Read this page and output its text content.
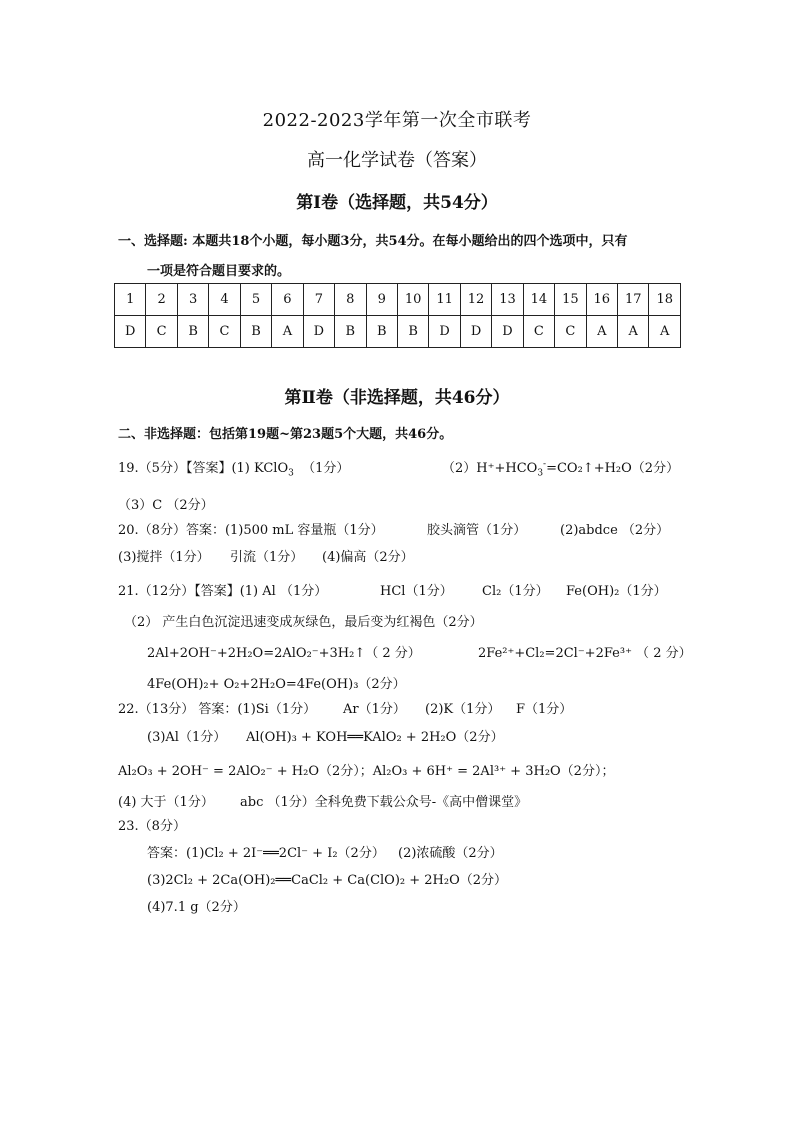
2022-2023学年第一次全市联考
高一化学试卷（答案）
第Ⅰ卷（选择题，共54分）
一、选择题: 本题共18个小题，每小题3分，共54分。在每小题给出的四个选项中，只有
一项是符合题目要求的。
1	2	3	4	5	6	7	8	9	10	11	12	13	14	15	16	17	18
D	C	B	C	B	A	D	B	B	B	D	D	D	C	C	A	A	A
第Ⅱ卷（非选择题，共46分）
二、非选择题：包括第19题~第23题5个大题，共46分。
19.（5分）【答案】(1) KClO$_3$ （1分）	$(2)H^++HCO_3^-=CO_2↑+H_2O(2$分）
（3）C （2分）
20.（8分）答案：(1)500 mL 容量瓶（1分）	胶头滴管（1分）	(2)abdce （2分）
(3)搅拌（1分） 引流（1分） (4)偏高（2分）
21.（12分）【答案】(1) Al （1分）	HCl（1分） Cl₂（1分） Fe(OH)₂（1分）
（2） 产生白色沉淀迅速变成灰绿色，最后变为红褐色（2分）
2Al+2OH⁻+2H₂O=2AlO₂⁻+3H₂↑（ 2 分）	2Fe²⁺+Cl₂=2Cl⁻+2Fe³⁺ （ 2 分）
4Fe(OH)₂+ O₂+2H₂O=4Fe(OH)₃（2分）
22.（13分） 答案：(1)Si（1分） Ar（1分） (2)K（1分） F（1分）
(3)Al（1分） Al(OH)₃ + KOH══KAlO₂ + 2H₂O（2分）
Al₂O₃ + 2OH⁻ = 2AlO₂⁻ + H₂O（2分）；Al₂O₃ + 6H⁺ = 2Al³⁺ + 3H₂O（2分）；
(4) 大于（1分） abc （1分）全科免费下载公众号-《高中僧课堂》
23.（8分）
答案：(1)Cl₂ + 2I⁻══2Cl⁻ + I₂（2分） (2)浓硫酸（2分）
(3)2Cl₂ + 2Ca(OH)₂══CaCl₂ + Ca(ClO)₂ + 2H₂O（2分）
(4)7.1 g（2分）
